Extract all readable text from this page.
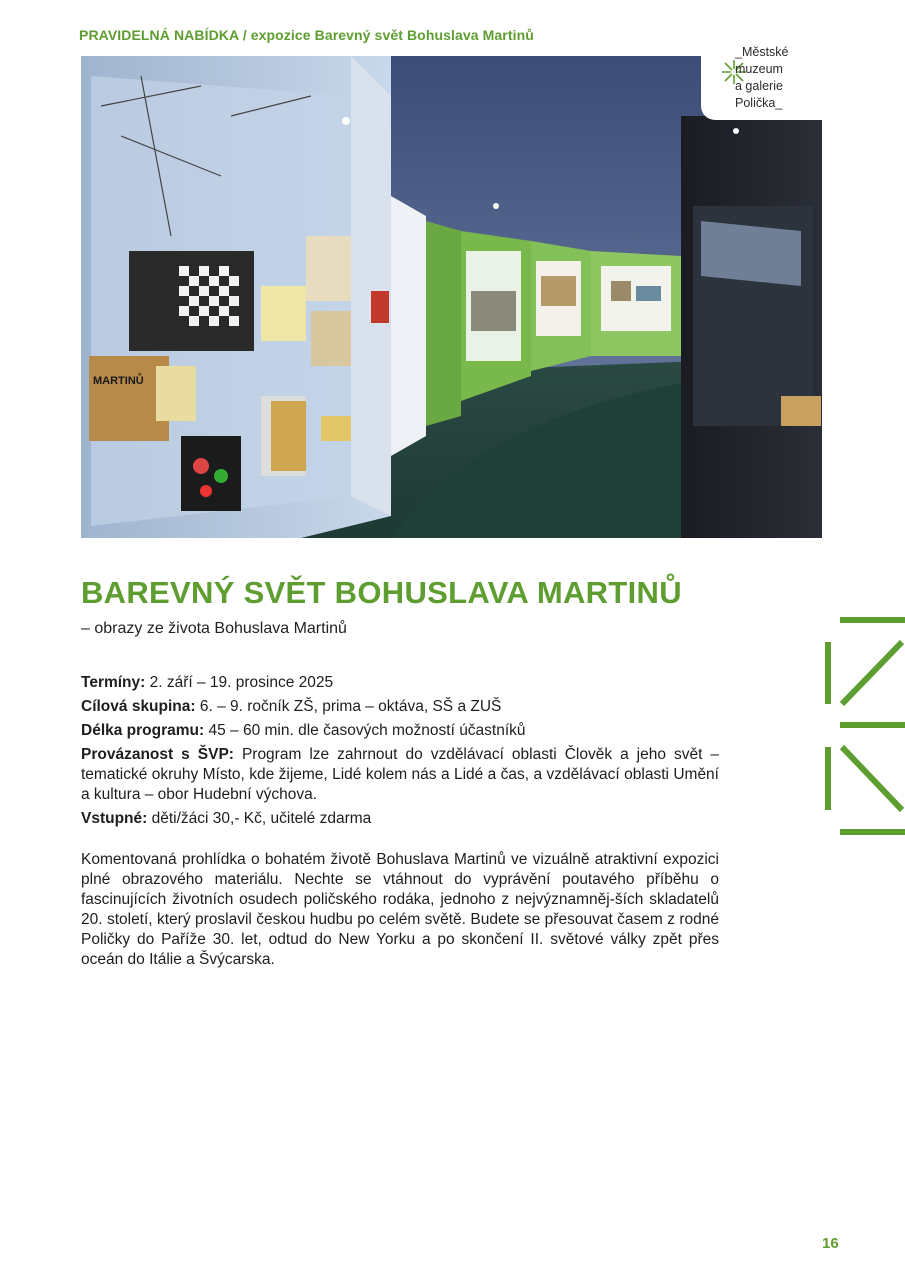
PRAVIDELNÁ NABÍDKA / expozice Barevný svět Bohuslava Martinů
MARTINŮ
_Městské
muzeum
a galerie
Polička_
BAREVNÝ SVĚT BOHUSLAVA MARTINŮ
– obrazy ze života Bohuslava Martinů

Termíny: 2. září – 19. prosince 2025

Cílová skupina: 6. – 9. ročník ZŠ, prima – oktáva, SŠ a ZUŠ

Délka programu: 45 – 60 min. dle časových možností účastníků

Provázanost s ŠVP: Program lze zahrnout do vzdělávací oblasti Člověk a jeho svět – tematické okruhy Místo, kde žijeme, Lidé kolem nás a Lidé a čas, a vzdělávací oblasti Umění a kultura – obor Hudební výchova.

Vstupné: děti/žáci 30,- Kč, učitelé zdarma

Komentovaná prohlídka o bohatém životě Bohuslava Martinů ve vizuálně atraktivní expozici plné obrazového materiálu. Nechte se vtáhnout do vyprávění poutavého příběhu o fascinujících životních osudech poličského rodáka, jednoho z nejvýznamněj-ších skladatelů 20. století, který proslavil českou hudbu po celém světě. Budete se přesouvat časem z rodné Poličky do Paříže 30. let, odtud do New Yorku a po skončení II. světové války zpět přes oceán do Itálie a Švýcarska.

16
